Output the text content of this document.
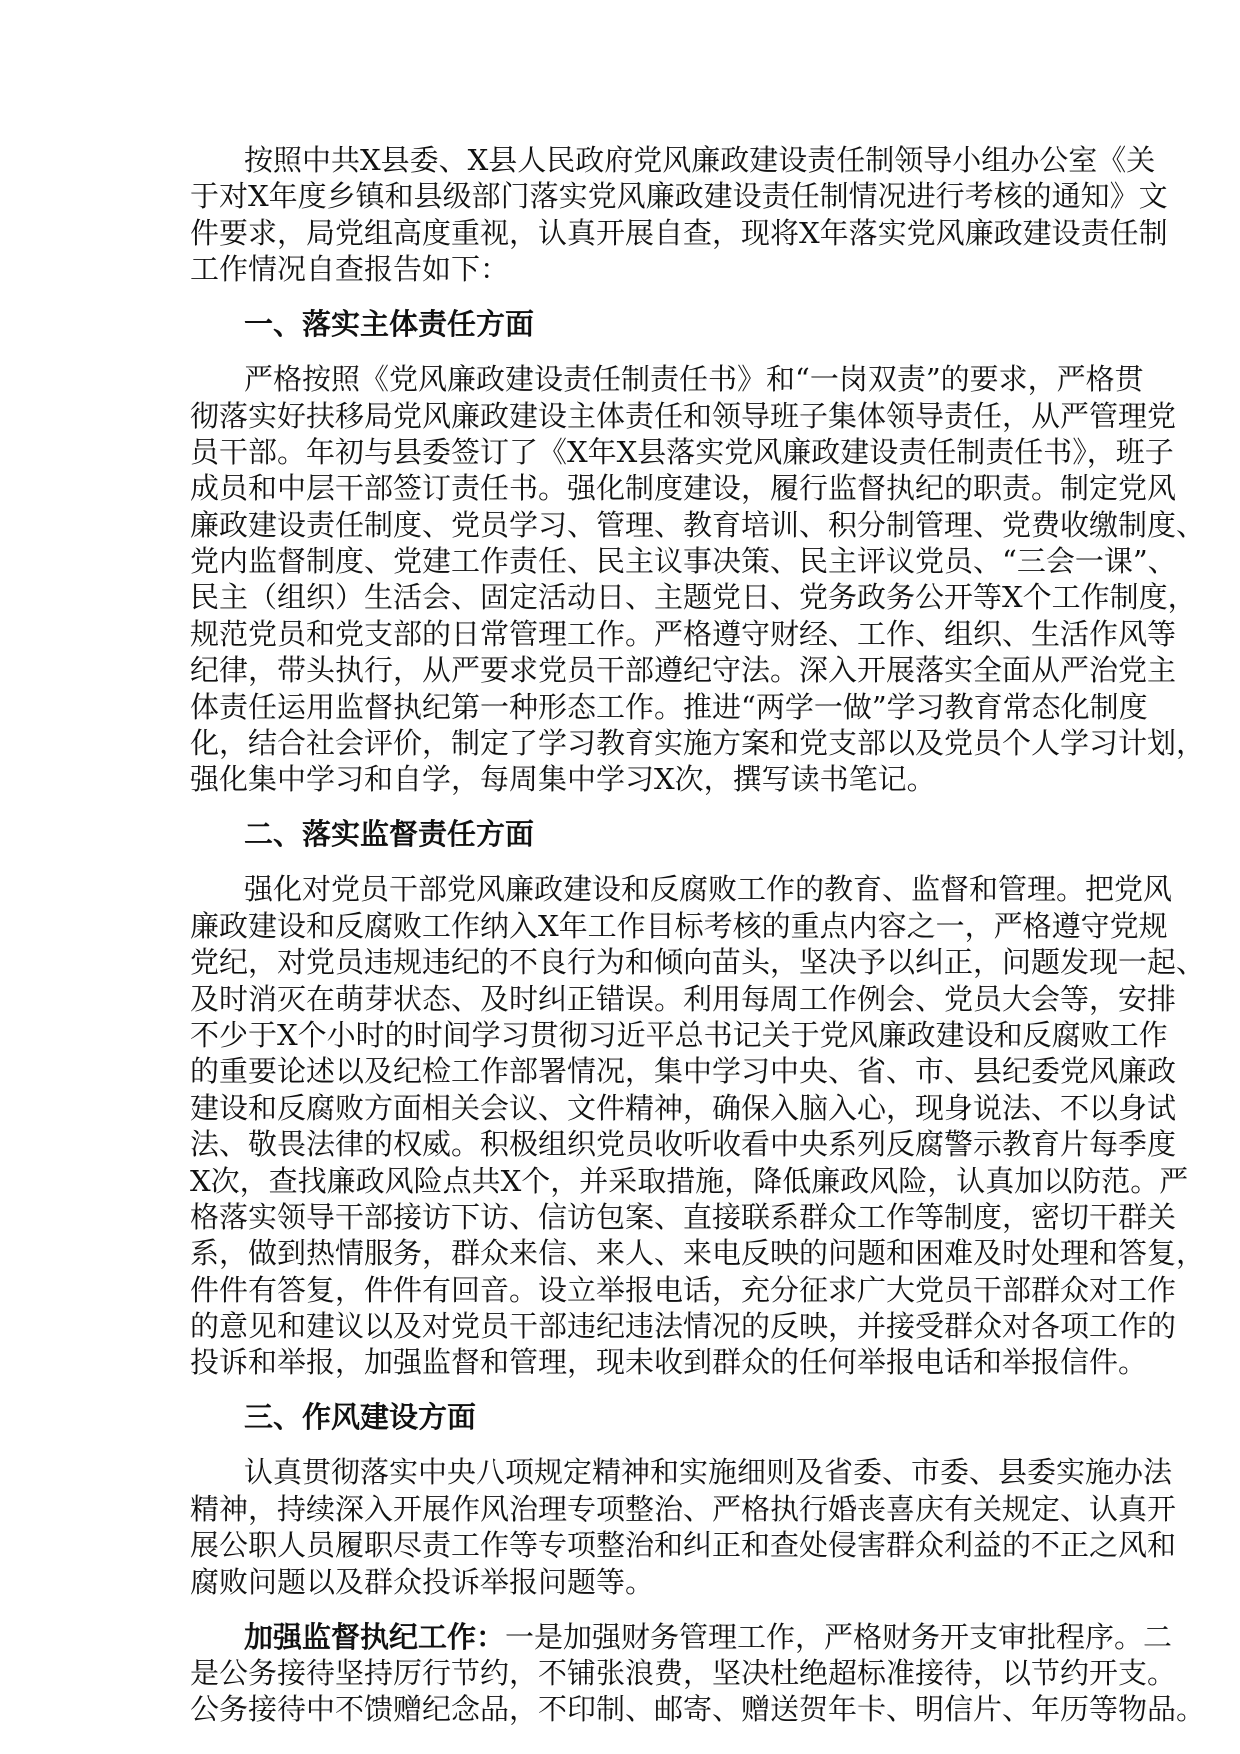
按照中共X县委、X县人民政府党风廉政建设责任制领导小组办公室《关
于对X年度乡镇和县级部门落实党风廉政建设责任制情况进行考核的通知》文
件要求，局党组高度重视，认真开展自查，现将X年落实党风廉政建设责任制
工作情况自查报告如下：
一、落实主体责任方面
严格按照《党风廉政建设责任制责任书》和“一岗双责”的要求，严格贯
彻落实好扶移局党风廉政建设主体责任和领导班子集体领导责任，从严管理党
员干部。年初与县委签订了《X年X县落实党风廉政建设责任制责任书》，班子
成员和中层干部签订责任书。强化制度建设，履行监督执纪的职责。制定党风
廉政建设责任制度、党员学习、管理、教育培训、积分制管理、党费收缴制度、
党内监督制度、党建工作责任、民主议事决策、民主评议党员、“三会一课”、
民主（组织）生活会、固定活动日、主题党日、党务政务公开等X个工作制度，
规范党员和党支部的日常管理工作。严格遵守财经、工作、组织、生活作风等
纪律，带头执行，从严要求党员干部遵纪守法。深入开展落实全面从严治党主
体责任运用监督执纪第一种形态工作。推进“两学一做”学习教育常态化制度
化，结合社会评价，制定了学习教育实施方案和党支部以及党员个人学习计划，
强化集中学习和自学，每周集中学习X次，撰写读书笔记。
二、落实监督责任方面
强化对党员干部党风廉政建设和反腐败工作的教育、监督和管理。把党风
廉政建设和反腐败工作纳入X年工作目标考核的重点内容之一，严格遵守党规
党纪，对党员违规违纪的不良行为和倾向苗头，坚决予以纠正，问题发现一起、
及时消灭在萌芽状态、及时纠正错误。利用每周工作例会、党员大会等，安排
不少于X个小时的时间学习贯彻习近平总书记关于党风廉政建设和反腐败工作
的重要论述以及纪检工作部署情况，集中学习中央、省、市、县纪委党风廉政
建设和反腐败方面相关会议、文件精神，确保入脑入心，现身说法、不以身试
法、敬畏法律的权威。积极组织党员收听收看中央系列反腐警示教育片每季度
X次，查找廉政风险点共X个，并采取措施，降低廉政风险，认真加以防范。严
格落实领导干部接访下访、信访包案、直接联系群众工作等制度，密切干群关
系，做到热情服务，群众来信、来人、来电反映的问题和困难及时处理和答复，
件件有答复，件件有回音。设立举报电话，充分征求广大党员干部群众对工作
的意见和建议以及对党员干部违纪违法情况的反映，并接受群众对各项工作的
投诉和举报，加强监督和管理，现未收到群众的任何举报电话和举报信件。
三、作风建设方面
认真贯彻落实中央八项规定精神和实施细则及省委、市委、县委实施办法
精神，持续深入开展作风治理专项整治、严格执行婚丧喜庆有关规定、认真开
展公职人员履职尽责工作等专项整治和纠正和查处侵害群众利益的不正之风和
腐败问题以及群众投诉举报问题等。
加强监督执纪工作：一是加强财务管理工作，严格财务开支审批程序。二
是公务接待坚持厉行节约，不铺张浪费，坚决杜绝超标准接待，以节约开支。
公务接待中不馈赠纪念品，不印制、邮寄、赠送贺年卡、明信片、年历等物品。
